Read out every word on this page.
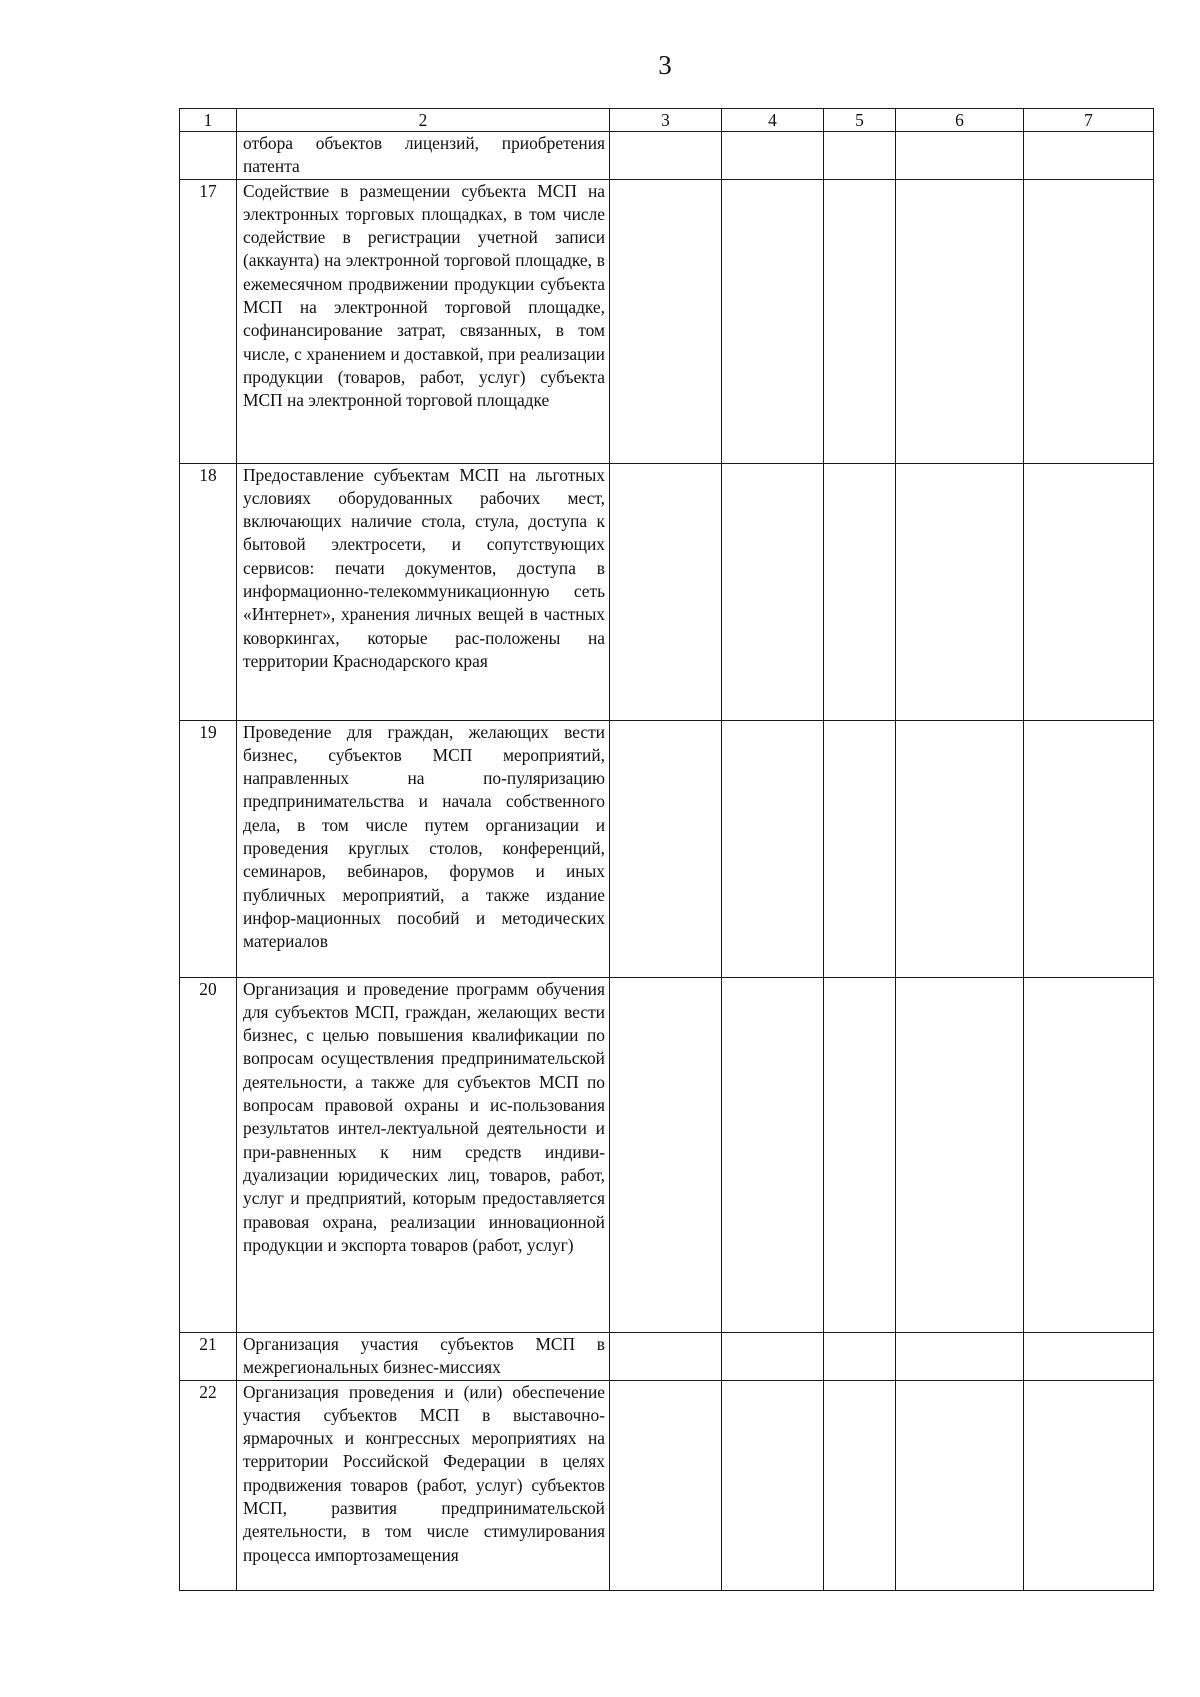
3
1	2	3	4	5	6	7
	отбора объектов лицензий, приобретения патента					
17	Содействие в размещении субъекта МСП на электронных торговых площадках, в том числе содействие в регистрации учетной записи (аккаунта) на электронной торговой площадке, в ежемесячном продвижении продукции субъекта МСП на электронной торговой площадке, софинансирование затрат, связанных, в том числе, с хранением и доставкой, при реализации продукции (товаров, работ, услуг) субъекта МСП на электронной торговой площадке					
18	Предоставление субъектам МСП на льготных условиях оборудованных рабочих мест, включающих наличие стола, стула, доступа к бытовой электросети, и сопутствующих сервисов: печати документов, доступа в информационно-телекоммуникационную сеть «Интернет», хранения личных вещей в частных коворкингах, которые рас-положены на территории Краснодарского края					
19	Проведение для граждан, желающих вести бизнес, субъектов МСП мероприятий, направленных на по-пуляризацию предпринимательства и начала собственного дела, в том числе путем организации и проведения круглых столов, конференций, семинаров, вебинаров, форумов и иных публичных мероприятий, а также издание инфор-мационных пособий и методических материалов					
20	Организация и проведение программ обучения для субъектов МСП, граждан, желающих вести бизнес, с целью повышения квалификации по вопросам осуществления предпринимательской деятельности, а также для субъектов МСП по вопросам правовой охраны и ис-пользования результатов интел-лектуальной деятельности и при-равненных к ним средств индиви-дуализации юридических лиц, товаров, работ, услуг и предприятий, которым предоставляется правовая охрана, реализации инновационной продукции и экспорта товаров (работ, услуг)					
21	Организация участия субъектов МСП в межрегиональных бизнес-миссиях					
22	Организация проведения и (или) обеспечение участия субъектов МСП в выставочно-ярмарочных и конгрессных мероприятиях на территории Российской Федерации в целях продвижения товаров (работ, услуг) субъектов МСП, развития предпринимательской деятельности, в том числе стимулирования процесса импортозамещения					
